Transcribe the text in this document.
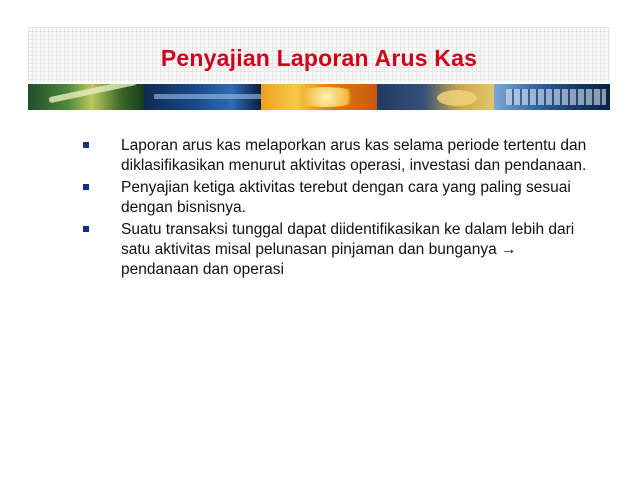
Penyajian Laporan Arus Kas
Laporan arus kas melaporkan arus kas selama periode tertentu dan diklasifikasikan menurut aktivitas operasi, investasi dan pendanaan.
Penyajian ketiga aktivitas terebut dengan cara yang paling sesuai dengan bisnisnya.
Suatu transaksi tunggal dapat diidentifikasikan ke dalam lebih dari satu aktivitas misal pelunasan pinjaman dan bunganya → pendanaan dan operasi
